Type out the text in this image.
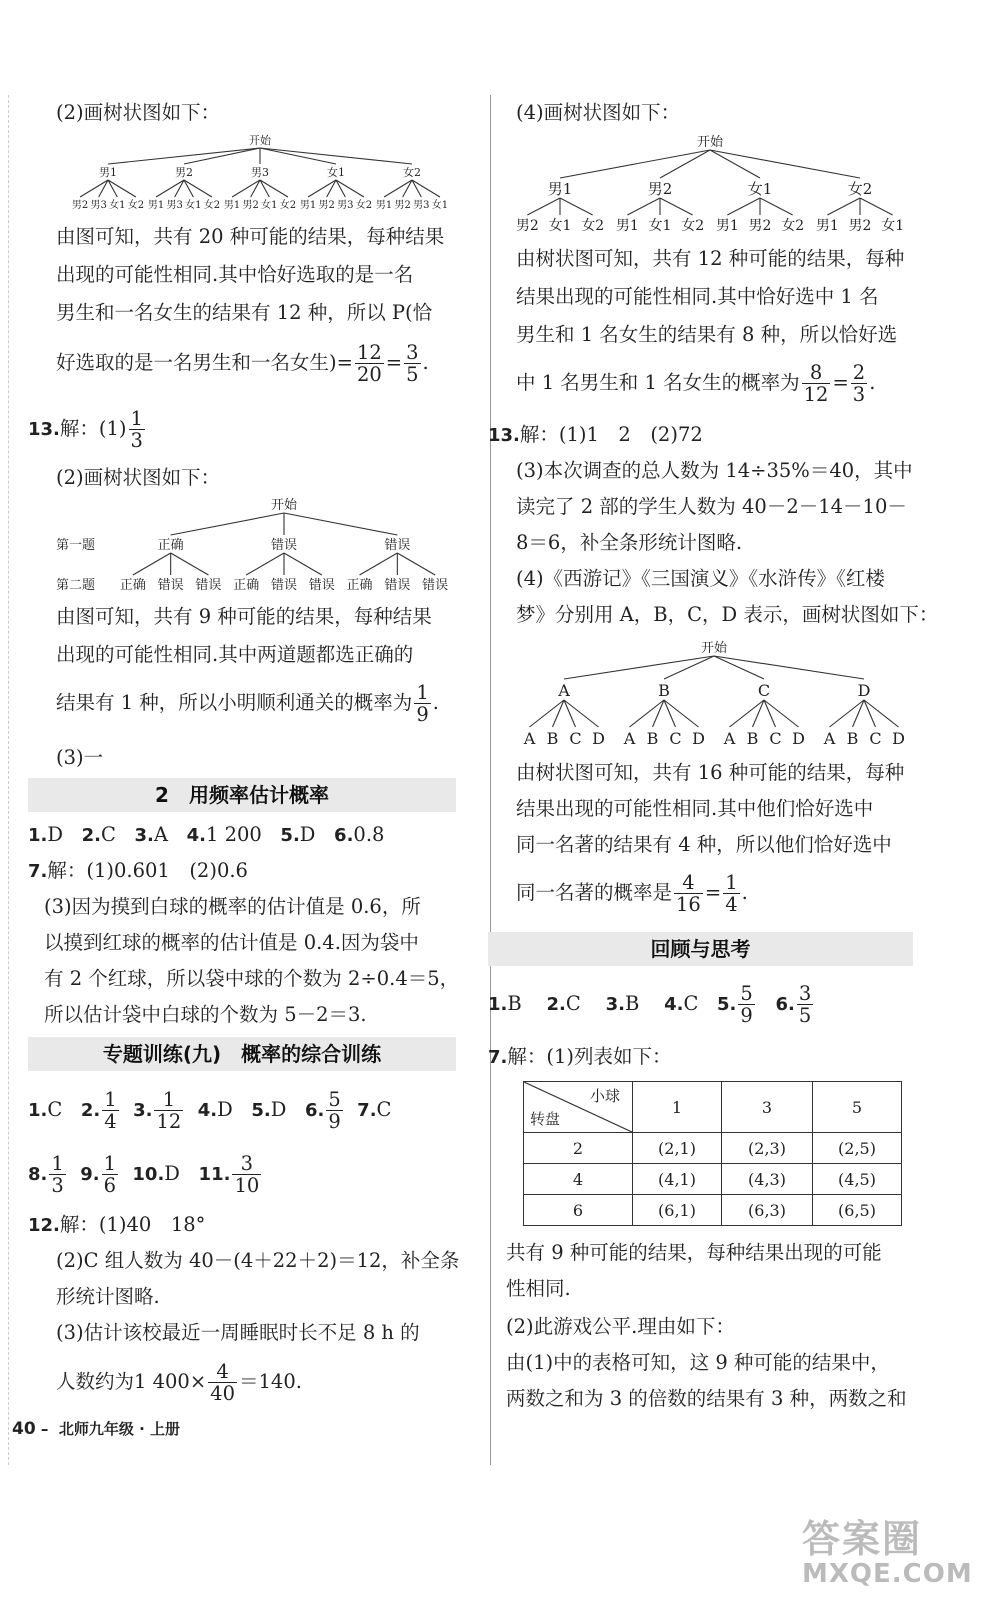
(2)画树状图如下：
开始
男1
男2 男3 女1 女2
男2
男1 男3 女1 女2
男3
男1 男2 女1 女2
女1
男1 男2 男3 女2
女2
男1 男2 男3 女1
由图可知，共有 20 种可能的结果，每种结果
出现的可能性相同.其中恰好选取的是一名
男生和一名女生的结果有 12 种，所以 P(恰
好选取的是一名男生和一名女生)= $\frac{12}{20} = \frac{3}{5}$ .
13.解：$(1) \frac{1}{3}$
(2)画树状图如下：
开始
第一题
第二题
正确
正确 错误 错误
错误
正确 错误 错误
错误
正确 错误 错误
由图可知，共有 9 种可能的结果，每种结果
出现的可能性相同.其中两道题都选正确的
结果有 1 种，所以小明顺利通关的概率为 $\frac{1}{9}$ .
(3)一
2　用频率估计概率
1.D 2.C 3.A 4.1 200 5.D 6.0.8
7.解：(1)0.601　(2)0.6
(3)因为摸到白球的概率的估计值是 0.6，所
以摸到红球的概率的估计值是 0.4.因为袋中
有 2 个红球，所以袋中球的个数为 2÷0.4＝5，
所以估计袋中白球的个数为 5－2＝3.
专题训练(九)　概率的综合训练
1.C 2. $\frac{1}{4} 3$. $\frac{1}{12} 4.D$ 5.D 6. $\frac{5}{9} 7.C$
8. $\frac{1}{3} 9$. $\frac{1}{6} 10.D$ 11. $\frac{3}{10}$
12.解：(1)40　18°
(2)C 组人数为 40－(4＋22＋2)＝12，补全条
形统计图略.
(3)估计该校最近一周睡眠时长不足 8 h 的
人数约为1 $400\times \frac{4}{40} =140$.
(4)画树状图如下：
开始
男1
男2 女1 女2
男2
男1 女1 女2
女1
男1 男2 女2
女2
男1 男2 女1
由树状图可知，共有 12 种可能的结果，每种
结果出现的可能性相同.其中恰好选中 1 名
男生和 1 名女生的结果有 8 种，所以恰好选
中 1 名男生和 1 名女生的概率为 $\frac{8}{12} = \frac{2}{3}$ .
13.解：(1)1　2　(2)72
(3)本次调查的总人数为 14÷35%＝40，其中
读完了 2 部的学生人数为 40－2－14－10－
8＝6，补全条形统计图略.
(4)《西游记》《三国演义》《水浒传》《红楼
梦》分别用 A，B，C，D 表示，画树状图如下：
开始
A
A B C D
B
A B C D
C
A B C D
D
A B C D
由树状图可知，共有 16 种可能的结果，每种
结果出现的可能性相同.其中他们恰好选中
同一名著的结果有 4 种，所以他们恰好选中
同一名著的概率是 $\frac{4}{16} = \frac{1}{4}$ .
回顾与思考
1.B 2.C 3.B 4.C 5. $\frac{5}{9} 6$. $\frac{3}{5}$
7.解：(1)列表如下：
小球
转盘	1	3	5
2	(2,1)	(2,3)	(2,5)
4	(4,1)	(4,3)	(4,5)
6	(6,1)	(6,3)	(6,5)
共有 9 种可能的结果，每种结果出现的可能
性相同.
(2)此游戏公平.理由如下：
由(1)中的表格可知，这 9 种可能的结果中，
两数之和为 3 的倍数的结果有 3 种，两数之和
40 – 北师九年级 · 上册
答案圈
MXQE.COM
